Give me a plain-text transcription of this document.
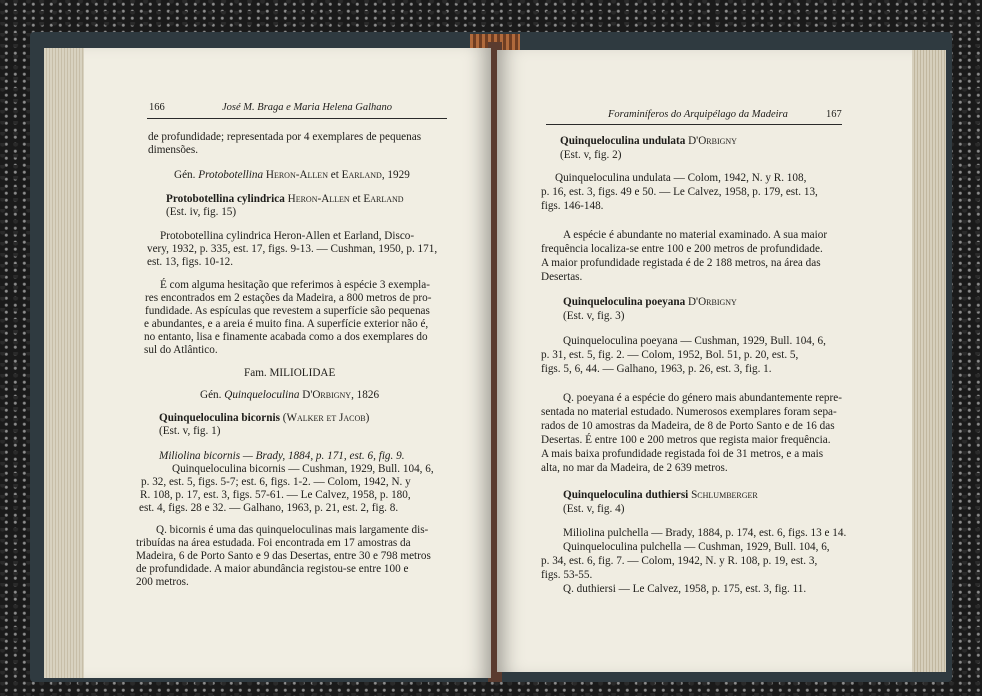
166	José M. Braga e Maria Helena Galhano
de profundidade; representada por 4 exemplares de pequenas
dimensões.
Gén. Protobotellina Heron-Allen et Earland, 1929
Protobotellina cylindrica Heron-Allen et Earland
(Est. iv, fig. 15)
Protobotellina cylindrica Heron-Allen et Earland, Disco-
very, 1932, p. 335, est. 17, figs. 9-13. — Cushman, 1950, p. 171,
est. 13, figs. 10-12.
É com alguma hesitação que referimos à espécie 3 exempla-
res encontrados em 2 estações da Madeira, a 800 metros de pro-
fundidade. As espículas que revestem a superfície são pequenas
e abundantes, e a areia é muito fina. A superfície exterior não é,
no entanto, lisa e finamente acabada como a dos exemplares do
sul do Atlântico.
Fam. MILIOLIDAE
Gén. Quinqueloculina D'Orbigny, 1826
Quinqueloculina bicornis (Walker et Jacob)
(Est. v, fig. 1)
Miliolina bicornis — Brady, 1884, p. 171, est. 6, fig. 9.
Quinqueloculina bicornis — Cushman, 1929, Bull. 104, 6,
p. 32, est. 5, figs. 5-7; est. 6, figs. 1-2. — Colom, 1942, N. y
R. 108, p. 17, est. 3, figs. 57-61. — Le Calvez, 1958, p. 180,
est. 4, figs. 28 e 32. — Galhano, 1963, p. 21, est. 2, fig. 8.
Q. bicornis é uma das quinqueloculinas mais largamente dis-
tribuídas na área estudada. Foi encontrada em 17 amostras da
Madeira, 6 de Porto Santo e 9 das Desertas, entre 30 e 798 metros
de profundidade. A maior abundância registou-se entre 100 e
200 metros.
Foraminíferos do Arquipélago da Madeira	167
Quinqueloculina undulata D'Orbigny
(Est. v, fig. 2)
Quinqueloculina undulata — Colom, 1942, N. y R. 108,
p. 16, est. 3, figs. 49 e 50. — Le Calvez, 1958, p. 179, est. 13,
figs. 146-148.
A espécie é abundante no material examinado. A sua maior
frequência localiza-se entre 100 e 200 metros de profundidade.
A maior profundidade registada é de 2 188 metros, na área das
Desertas.
Quinqueloculina poeyana D'Orbigny
(Est. v, fig. 3)
Quinqueloculina poeyana — Cushman, 1929, Bull. 104, 6,
p. 31, est. 5, fig. 2. — Colom, 1952, Bol. 51, p. 20, est. 5,
figs. 5, 6, 44. — Galhano, 1963, p. 26, est. 3, fig. 1.
Q. poeyana é a espécie do género mais abundantemente repre-
sentada no material estudado. Numerosos exemplares foram sepa-
rados de 10 amostras da Madeira, de 8 de Porto Santo e de 16 das
Desertas. É entre 100 e 200 metros que regista maior frequência.
A mais baixa profundidade registada foi de 31 metros, e a mais
alta, no mar da Madeira, de 2 639 metros.
Quinqueloculina duthiersi Schlumberger
(Est. v, fig. 4)
Miliolina pulchella — Brady, 1884, p. 174, est. 6, figs. 13 e 14.
Quinqueloculina pulchella — Cushman, 1929, Bull. 104, 6,
p. 34, est. 6, fig. 7. — Colom, 1942, N. y R. 108, p. 19, est. 3,
figs. 53-55.
Q. duthiersi — Le Calvez, 1958, p. 175, est. 3, fig. 11.
